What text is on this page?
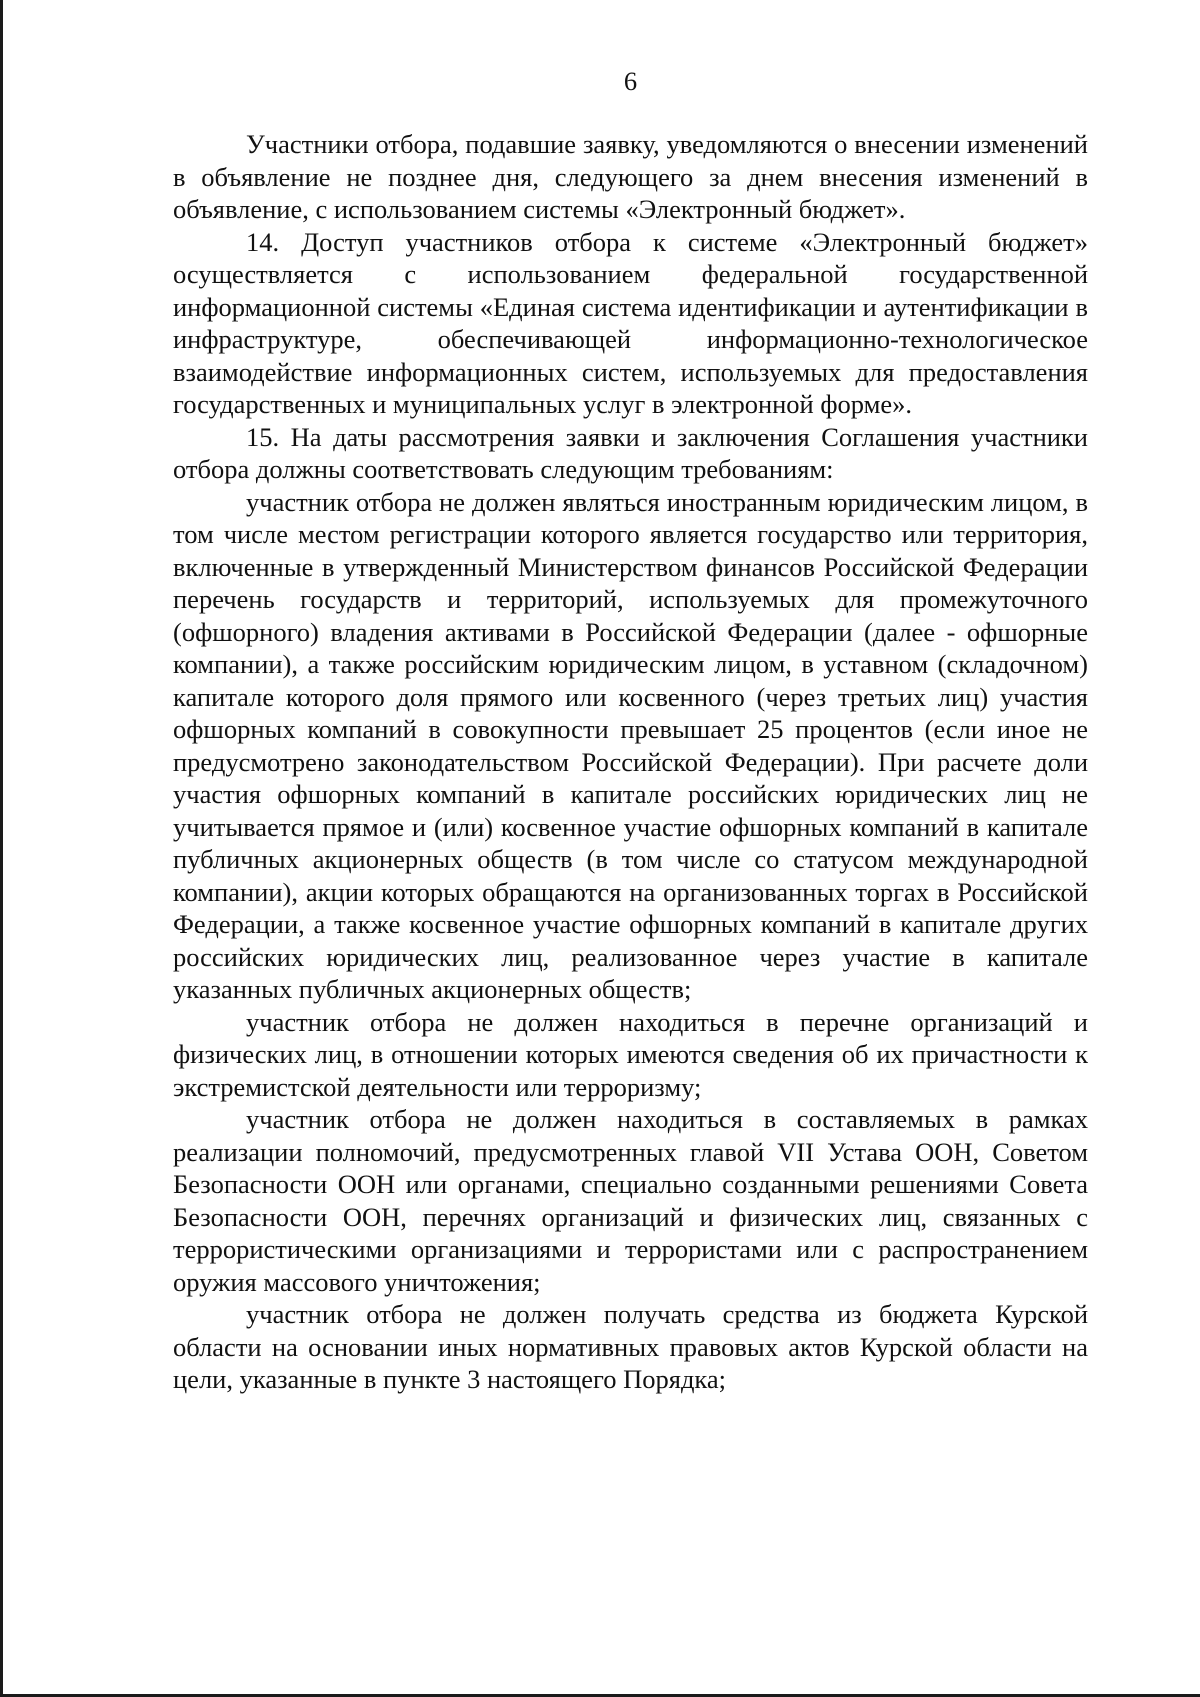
6

Участники отбора, подавшие заявку, уведомляются о внесении изменений в объявление не позднее дня, следующего за днем внесения изменений в объявление, с использованием системы «Электронный бюджет».

14. Доступ участников отбора к системе «Электронный бюджет» осуществляется с использованием федеральной государственной информационной системы «Единая система идентификации и аутентификации в инфраструктуре, обеспечивающей информационно-технологическое взаимодействие информационных систем, используемых для предоставления государственных и муниципальных услуг в электронной форме».

15. На даты рассмотрения заявки и заключения Соглашения участники отбора должны соответствовать следующим требованиям:

участник отбора не должен являться иностранным юридическим лицом, в том числе местом регистрации которого является государство или территория, включенные в утвержденный Министерством финансов Российской Федерации перечень государств и территорий, используемых для промежуточного (офшорного) владения активами в Российской Федерации (далее - офшорные компании), а также российским юридическим лицом, в уставном (складочном) капитале которого доля прямого или косвенного (через третьих лиц) участия офшорных компаний в совокупности превышает 25 процентов (если иное не предусмотрено законодательством Российской Федерации). При расчете доли участия офшорных компаний в капитале российских юридических лиц не учитывается прямое и (или) косвенное участие офшорных компаний в капитале публичных акционерных обществ (в том числе со статусом международной компании), акции которых обращаются на организованных торгах в Российской Федерации, а также косвенное участие офшорных компаний в капитале других российских юридических лиц, реализованное через участие в капитале указанных публичных акционерных обществ;

участник отбора не должен находиться в перечне организаций и физических лиц, в отношении которых имеются сведения об их причастности к экстремистской деятельности или терроризму;

участник отбора не должен находиться в составляемых в рамках реализации полномочий, предусмотренных главой VII Устава ООН, Советом Безопасности ООН или органами, специально созданными решениями Совета Безопасности ООН, перечнях организаций и физических лиц, связанных с террористическими организациями и террористами или с распространением оружия массового уничтожения;

участник отбора не должен получать средства из бюджета Курской области на основании иных нормативных правовых актов Курской области на цели, указанные в пункте 3 настоящего Порядка;
